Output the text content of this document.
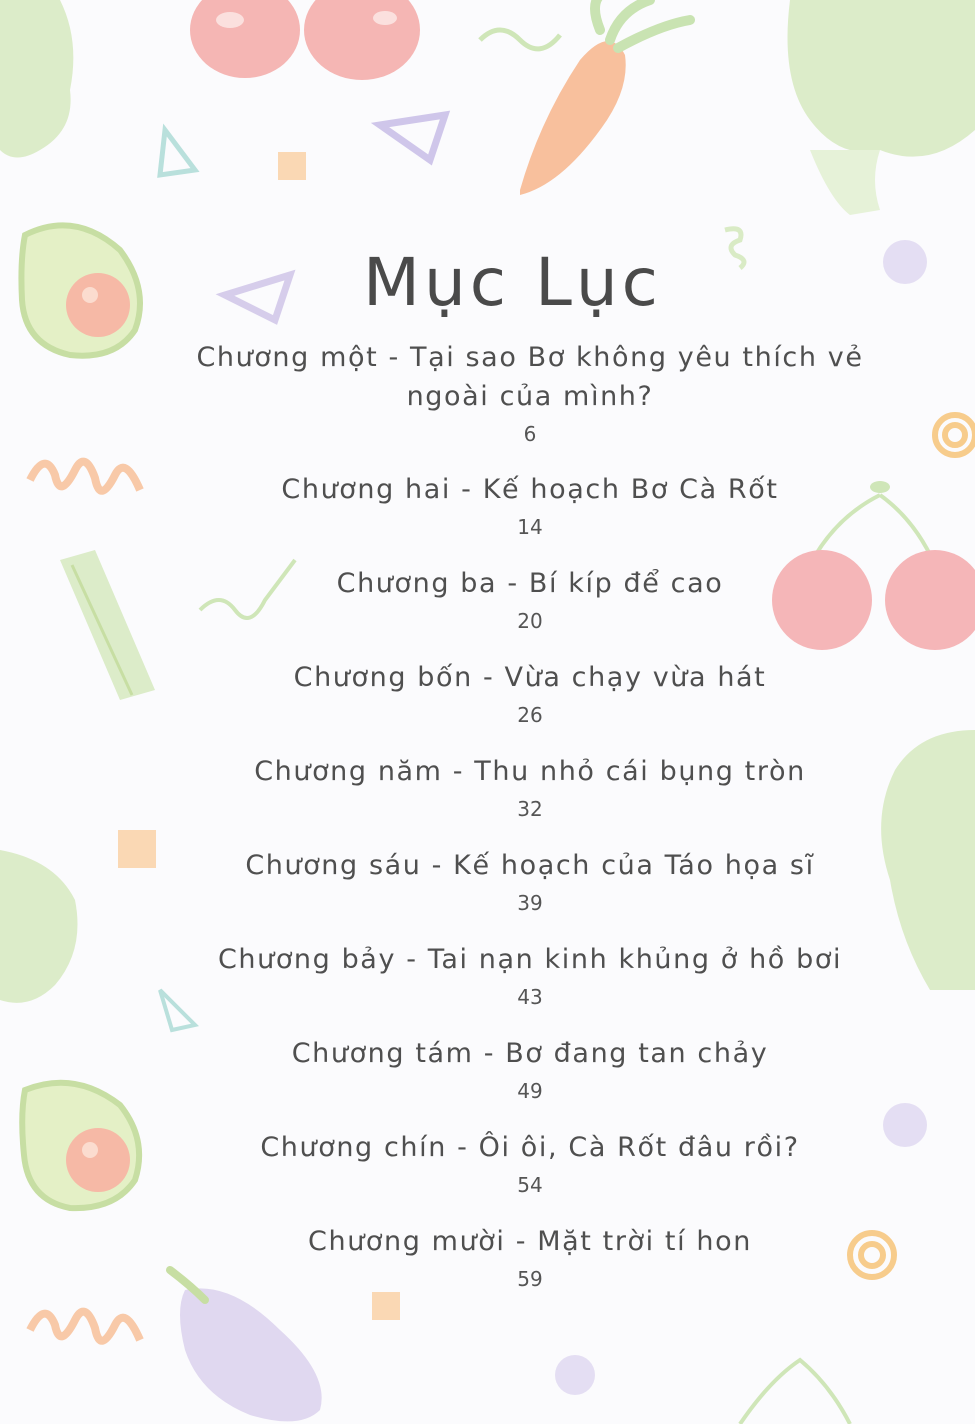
Mục Lục
Chương một - Tại sao Bơ không yêu thích vẻ ngoài của mình?
6
Chương hai - Kế hoạch Bơ Cà Rốt
14
Chương ba - Bí kíp để cao
20
Chương bốn - Vừa chạy vừa hát
26
Chương năm - Thu nhỏ cái bụng tròn
32
Chương sáu - Kế hoạch của Táo họa sĩ
39
Chương bảy - Tai nạn kinh khủng ở hồ bơi
43
Chương tám - Bơ đang tan chảy
49
Chương chín - Ôi ôi, Cà Rốt đâu rồi?
54
Chương mười - Mặt trời tí hon
59
